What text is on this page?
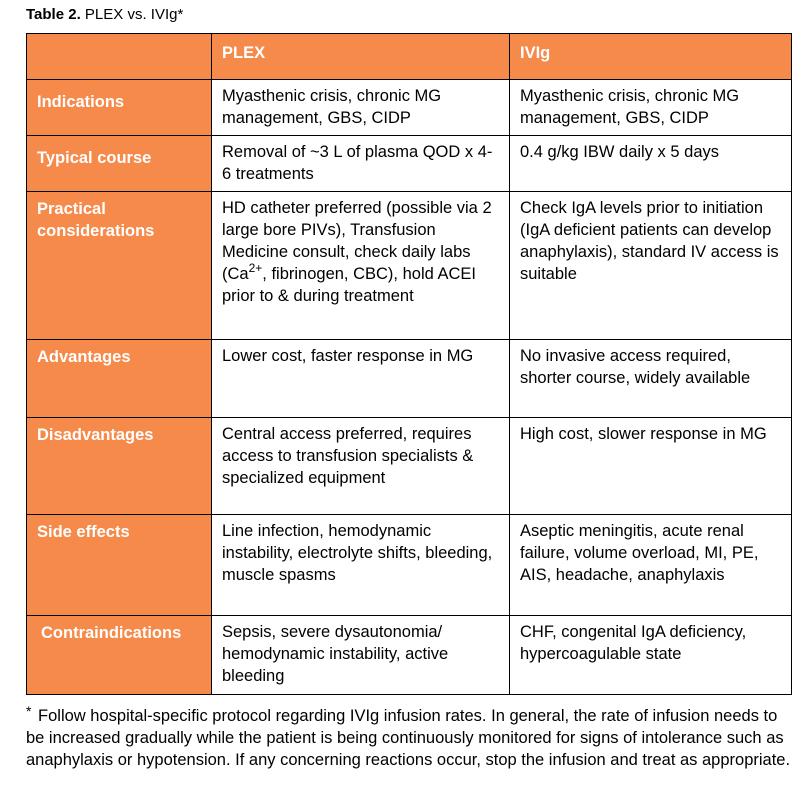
Table 2. PLEX vs. IVIg*

	PLEX	IVIg

Indications	Myasthenic crisis, chronic MG management, GBS, CIDP	Myasthenic crisis, chronic MG management, GBS, CIDP

Typical course	Removal of ~3 L of plasma QOD x 4-6 treatments	0.4 g/kg IBW daily x 5 days

Practical considerations	HD catheter preferred (possible via 2 large bore PIVs), Transfusion Medicine consult, check daily labs ($Ca^{2+}$, fibrinogen, CBC), hold ACEI prior to & during treatment	Check IgA levels prior to initiation (IgA deficient patients can develop anaphylaxis), standard IV access is suitable

Advantages	Lower cost, faster response in MG	No invasive access required, shorter course, widely available

Disadvantages	Central access preferred, requires access to transfusion specialists & specialized equipment	High cost, slower response in MG

Side effects	Line infection, hemodynamic instability, electrolyte shifts, bleeding, muscle spasms	Aseptic meningitis, acute renal failure, volume overload, MI, PE, AIS, headache, anaphylaxis

Contraindications	Sepsis, severe dysautonomia/ hemodynamic instability, active bleeding	CHF, congenital IgA deficiency, hypercoagulable state
* Follow hospital-specific protocol regarding IVIg infusion rates. In general, the rate of infusion needs to be increased gradually while the patient is being continuously monitored for signs of intolerance such as anaphylaxis or hypotension. If any concerning reactions occur, stop the infusion and treat as appropriate.
